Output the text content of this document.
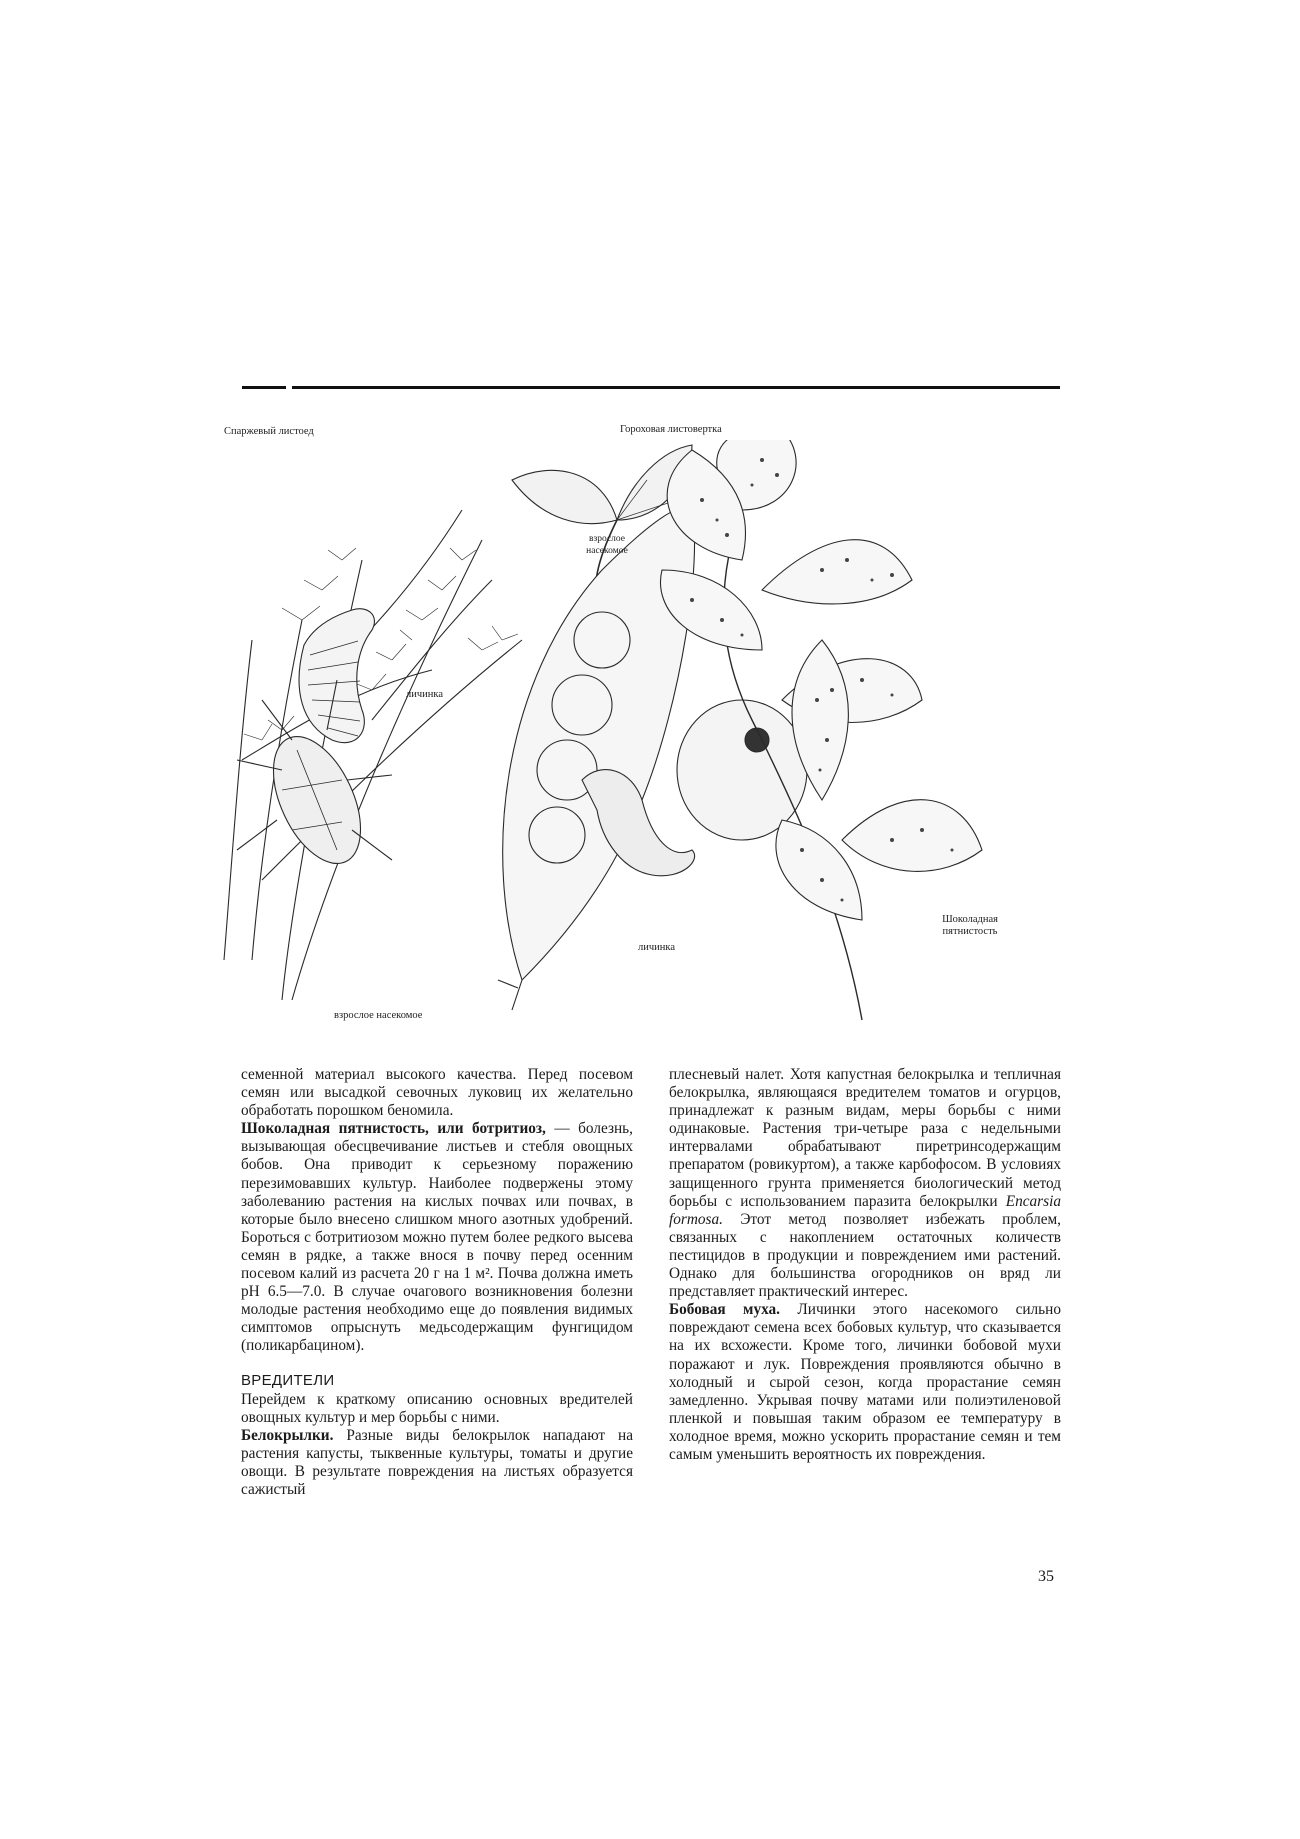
Спаржевый листоед
личинка
взрослое насекомое
Гороховая листовертка
взрослое насекомое
личинка
Шоколадная пятнистость

семенной материал высокого качества. Перед посевом семян или высадкой севочных луковиц их желательно обработать порошком беномила.

Шоколадная пятнистость, или ботритиоз, — болезнь, вызывающая обесцвечивание листьев и стебля овощных бобов. Она приводит к серьезному поражению перезимовавших культур. Наиболее подвержены этому заболеванию растения на кислых почвах или почвах, в которые было внесено слишком много азотных удобрений. Бороться с ботритиозом можно путем более редкого высева семян в рядке, а также внося в почву перед осенним посевом калий из расчета 20 г на 1 м². Почва должна иметь pH 6.5—7.0. В случае очагового возникновения болезни молодые растения необходимо еще до появления видимых симптомов опрыснуть медьсодержащим фунгицидом (поликарбацином).

ВРЕДИТЕЛИ

Перейдем к краткому описанию основных вредителей овощных культур и мер борьбы с ними.

Белокрылки. Разные виды белокрылок нападают на растения капусты, тыквенные культуры, томаты и другие овощи. В результате повреждения на листьях образуется сажистый

плесневый налет. Хотя капустная белокрылка и тепличная белокрылка, являющаяся вредителем томатов и огурцов, принадлежат к разным видам, меры борьбы с ними одинаковые. Растения три-четыре раза с недельными интервалами обрабатывают пиретринсодержащим препаратом (ровикуртом), а также карбофосом. В условиях защищенного грунта применяется биологический метод борьбы с использованием паразита белокрылки Encarsia formosa. Этот метод позволяет избежать проблем, связанных с накоплением остаточных количеств пестицидов в продукции и повреждением ими растений. Однако для большинства огородников он вряд ли представляет практический интерес.

Бобовая муха. Личинки этого насекомого сильно повреждают семена всех бобовых культур, что сказывается на их всхожести. Кроме того, личинки бобовой мухи поражают и лук. Повреждения проявляются обычно в холодный и сырой сезон, когда прорастание семян замедленно. Укрывая почву матами или полиэтиленовой пленкой и повышая таким образом ее температуру в холодное время, можно ускорить прорастание семян и тем самым уменьшить вероятность их повреждения.

35
